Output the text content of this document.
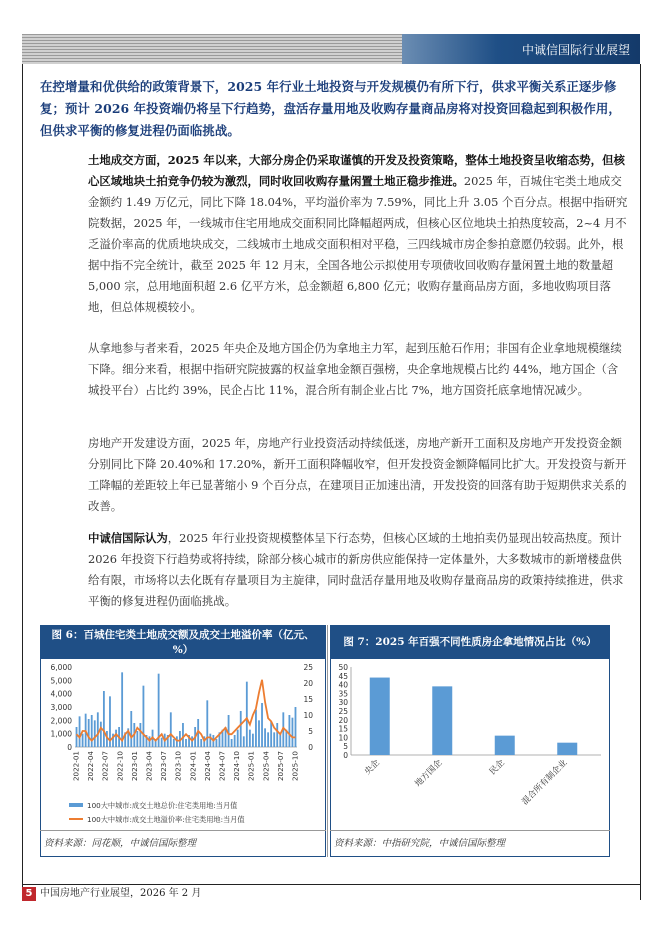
中诚信国际行业展望
在控增量和优供给的政策背景下，2025 年行业土地投资与开发规模仍有所下行，供求平衡关系正逐步修复；预计 2026 年投资端仍将呈下行趋势，盘活存量用地及收购存量商品房将对投资回稳起到积极作用，但供求平衡的修复进程仍面临挑战。
土地成交方面，2025 年以来，大部分房企仍采取谨慎的开发及投资策略，整体土地投资呈收缩态势，但核心区域地块土拍竞争仍较为激烈，同时收回收购存量闲置土地正稳步推进。2025 年，百城住宅类土地成交金额约 1.49 万亿元，同比下降 18.04%，平均溢价率为 7.59%，同比上升 3.05 个百分点。根据中指研究院数据，2025 年，一线城市住宅用地成交面积同比降幅超两成，但核心区位地块土拍热度较高，2~4 月不乏溢价率高的优质地块成交，二线城市土地成交面积相对平稳，三四线城市房企参拍意愿仍较弱。此外，根据中指不完全统计，截至 2025 年 12 月末，全国各地公示拟使用专项债收回收购存量闲置土地的数量超 5,000 宗，总用地面积超 2.6 亿平方米，总金额超 6,800 亿元；收购存量商品房方面，多地收购项目落地，但总体规模较小。
从拿地参与者来看，2025 年央企及地方国企仍为拿地主力军，起到压舱石作用；非国有企业拿地规模继续下降。细分来看，根据中指研究院披露的权益拿地金额百强榜，央企拿地规模占比约 44%，地方国企（含城投平台）占比约 39%，民企占比 11%，混合所有制企业占比 7%，地方国资托底拿地情况减少。
房地产开发建设方面，2025 年，房地产行业投资活动持续低迷，房地产新开工面积及房地产开发投资金额分别同比下降 20.40%和 17.20%，新开工面积降幅收窄，但开发投资金额降幅同比扩大。开发投资与新开工降幅的差距较上年已显著缩小 9 个百分点，在建项目正加速出清，开发投资的回落有助于短期供求关系的改善。
中诚信国际认为，2025 年行业投资规模整体呈下行态势，但核心区域的土地拍卖仍显现出较高热度。预计 2026 年投资下行趋势或将持续，除部分核心城市的新房供应能保持一定体量外，大多数城市的新增楼盘供给有限，市场将以去化既有存量项目为主旋律，同时盘活存量用地及收购存量商品房的政策持续推进，供求平衡的修复进程仍面临挑战。
图 6：百城住宅类土地成交额及成交土地溢价率（亿元、%）
0
1,000
2,000
3,000
4,000
5,000
6,000
0
5
10
15
20
25
2022-01 2022-04 2022-07 2022-10 2023-01 2023-04 2023-07 2023-10 2024-01 2024-04 2024-07 2024-10 2025-01 2025-04 2025-07 2025-10
100大中城市:成交土地总价:住宅类用地:当月值
100大中城市:成交土地溢价率:住宅类用地:当月值
图 7：2025 年百强不同性质房企拿地情况占比（%）
0
5
10
15
20
25
30
35
40
45
50
央企	地方国企	民企 混合所有制企业
资料来源：同花顺，中诚信国际整理	资料来源：中指研究院，中诚信国际整理
5 中国房地产行业展望，2026 年 2 月
